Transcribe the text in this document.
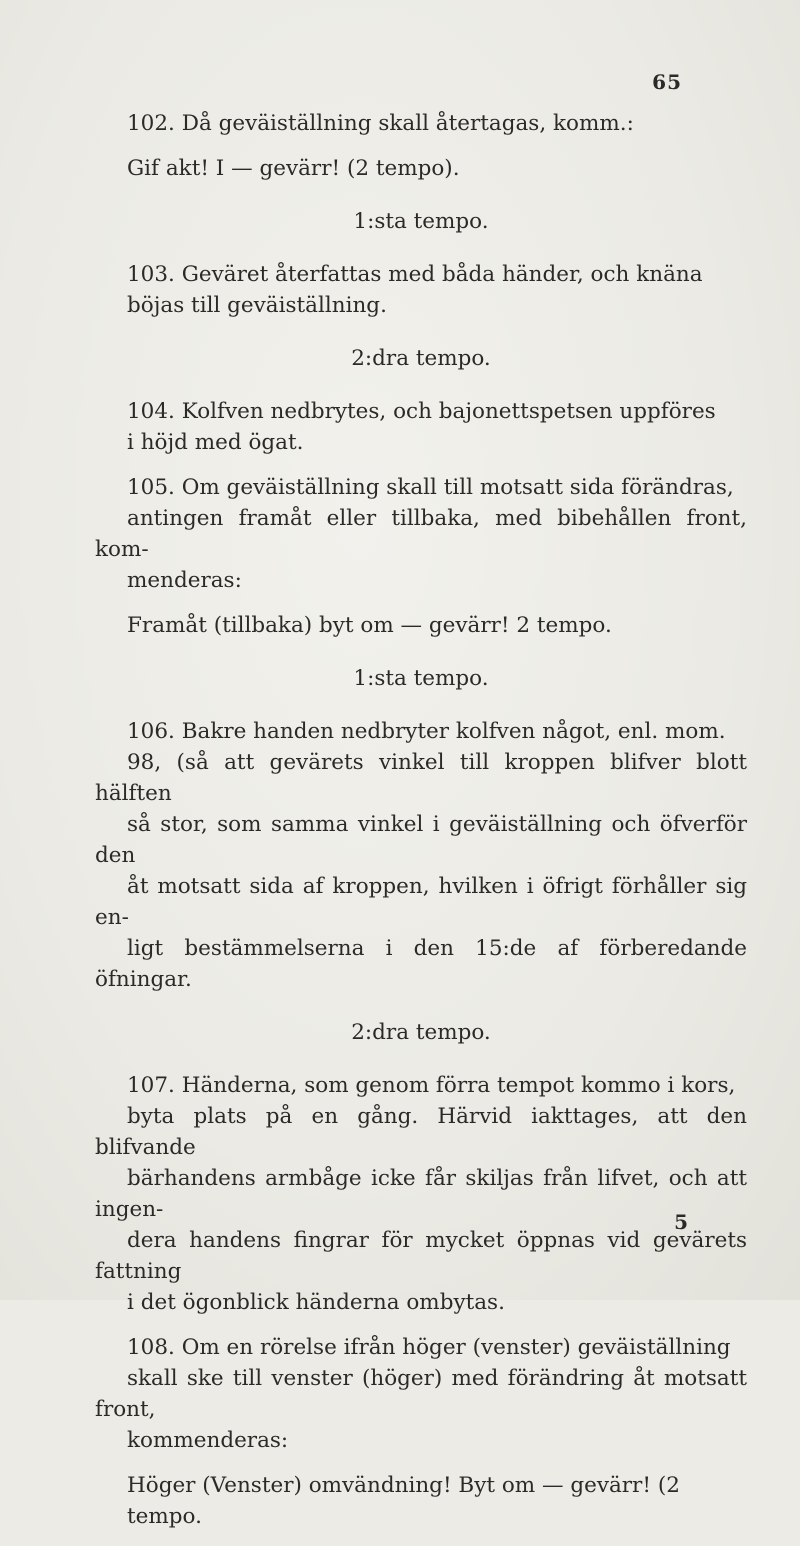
65

102. Då geväiställning skall återtagas, komm.:

Gif akt! I — gevärr! (2 tempo).

1:sta tempo.

103. Geväret återfattas med båda händer, och knäna
böjas till geväiställning.

2:dra tempo.

104. Kolfven nedbrytes, och bajonettspetsen uppföres
i höjd med ögat.

105. Om geväiställning skall till motsatt sida förändras,
antingen framåt eller tillbaka, med bibehållen front, kom-
menderas:

Framåt (tillbaka) byt om — gevärr! 2 tempo.

1:sta tempo.

106. Bakre handen nedbryter kolfven något, enl. mom.
98, (så att gevärets vinkel till kroppen blifver blott hälften
så stor, som samma vinkel i geväiställning och öfverför den
åt motsatt sida af kroppen, hvilken i öfrigt förhåller sig en-
ligt bestämmelserna i den 15:de af förberedande öfningar.

2:dra tempo.

107. Händerna, som genom förra tempot kommo i kors,
byta plats på en gång. Härvid iakttages, att den blifvande
bärhandens armbåge icke får skiljas från lifvet, och att ingen-
dera handens fingrar för mycket öppnas vid gevärets fattning
i det ögonblick händerna ombytas.

108. Om en rörelse ifrån höger (venster) geväiställning
skall ske till venster (höger) med förändring åt motsatt front,
kommenderas:

Höger (Venster) omvändning! Byt om — gevärr! (2
tempo.

5
